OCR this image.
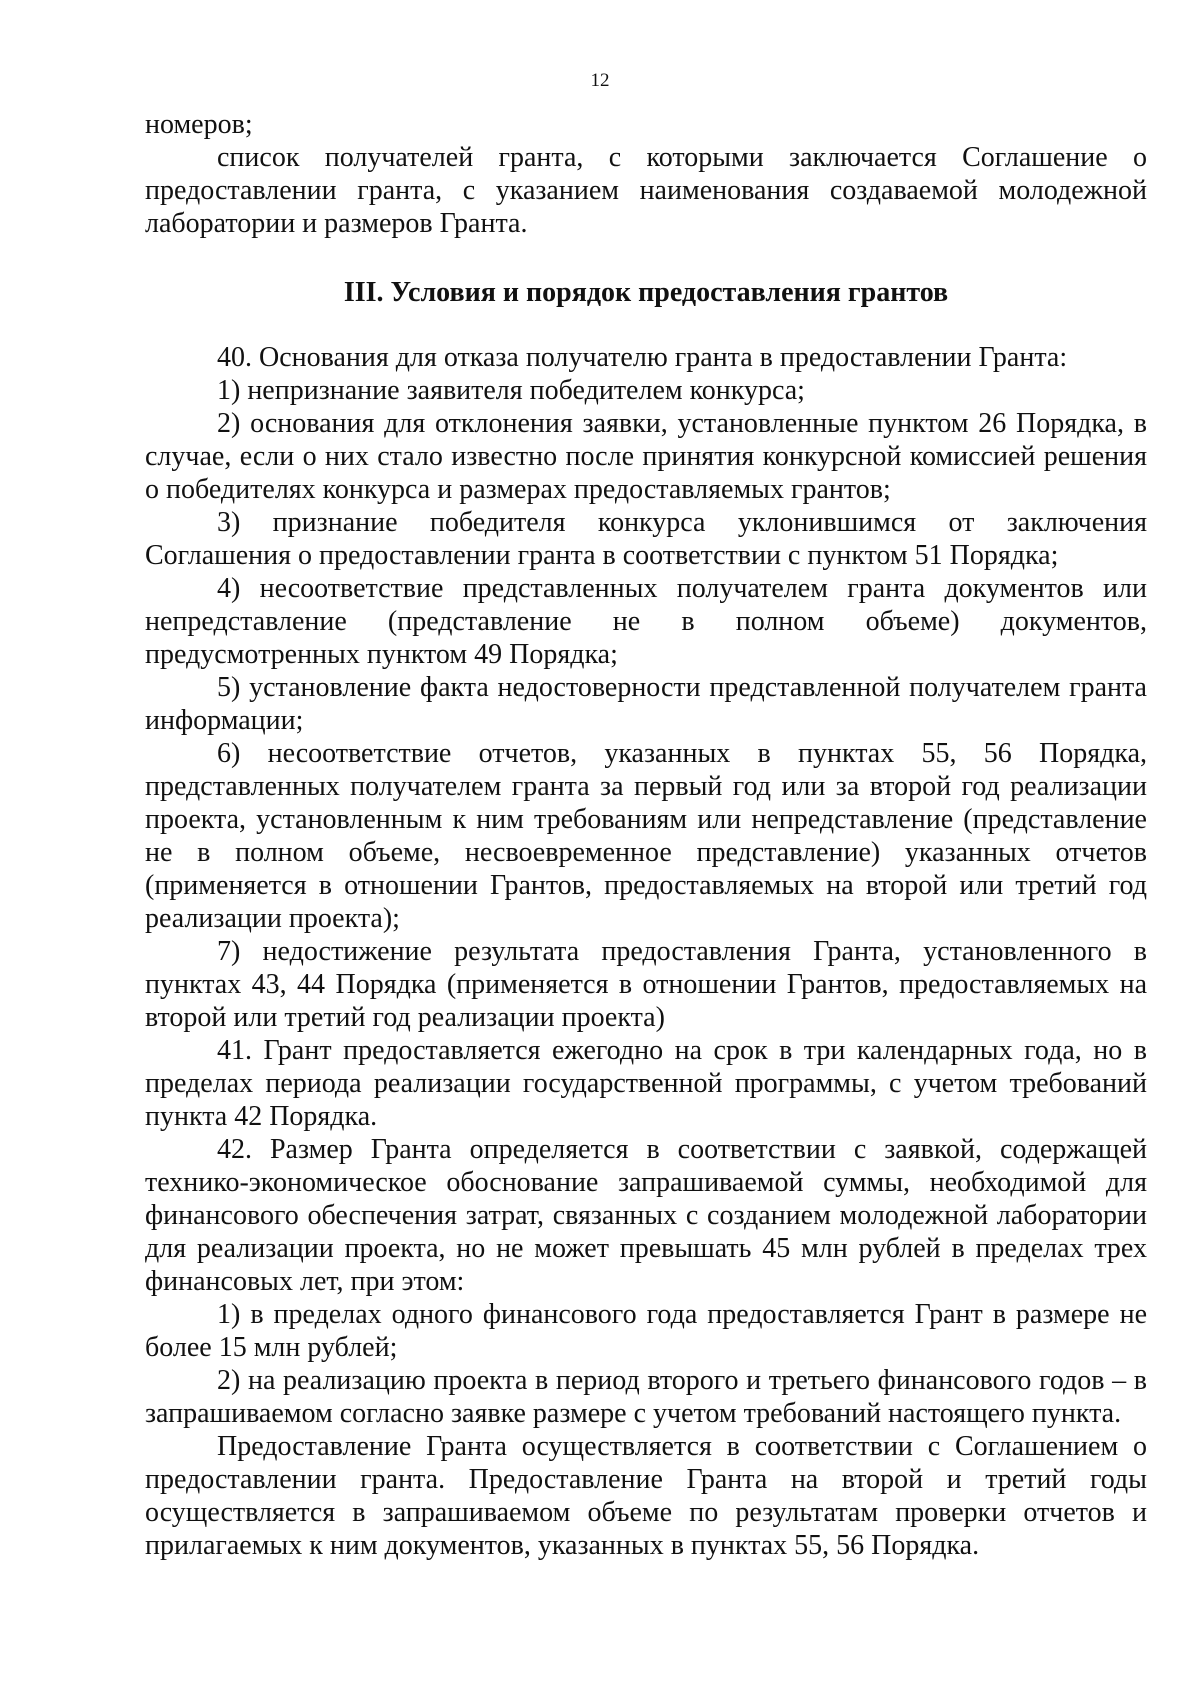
12

номеров;

список получателей гранта, с которыми заключается Соглашение о предоставлении гранта, с указанием наименования создаваемой молодежной лаборатории и размеров Гранта.

III. Условия и порядок предоставления грантов

40. Основания для отказа получателю гранта в предоставлении Гранта:

1) непризнание заявителя победителем конкурса;

2) основания для отклонения заявки, установленные пунктом 26 Порядка, в случае, если о них стало известно после принятия конкурсной комиссией решения о победителях конкурса и размерах предоставляемых грантов;

3) признание победителя конкурса уклонившимся от заключения Соглашения о предоставлении гранта в соответствии с пунктом 51 Порядка;

4) несоответствие представленных получателем гранта документов или непредставление (представление не в полном объеме) документов, предусмотренных пунктом 49 Порядка;

5) установление факта недостоверности представленной получателем гранта информации;

6) несоответствие отчетов, указанных в пунктах 55, 56 Порядка, представленных получателем гранта за первый год или за второй год реализации проекта, установленным к ним требованиям или непредставление (представление не в полном объеме, несвоевременное представление) указанных отчетов (применяется в отношении Грантов, предоставляемых на второй или третий год реализации проекта);

7) недостижение результата предоставления Гранта, установленного в пунктах 43, 44 Порядка (применяется в отношении Грантов, предоставляемых на второй или третий год реализации проекта)

41. Грант предоставляется ежегодно на срок в три календарных года, но в пределах периода реализации государственной программы, с учетом требований пункта 42 Порядка.

42. Размер Гранта определяется в соответствии с заявкой, содержащей технико-экономическое обоснование запрашиваемой суммы, необходимой для финансового обеспечения затрат, связанных с созданием молодежной лаборатории для реализации проекта, но не может превышать 45 млн рублей в пределах трех финансовых лет, при этом:

1) в пределах одного финансового года предоставляется Грант в размере не более 15 млн рублей;

2) на реализацию проекта в период второго и третьего финансового годов – в запрашиваемом согласно заявке размере с учетом требований настоящего пункта.

Предоставление Гранта осуществляется в соответствии с Соглашением о предоставлении гранта. Предоставление Гранта на второй и третий годы осуществляется в запрашиваемом объеме по результатам проверки отчетов и прилагаемых к ним документов, указанных в пунктах 55, 56 Порядка.
